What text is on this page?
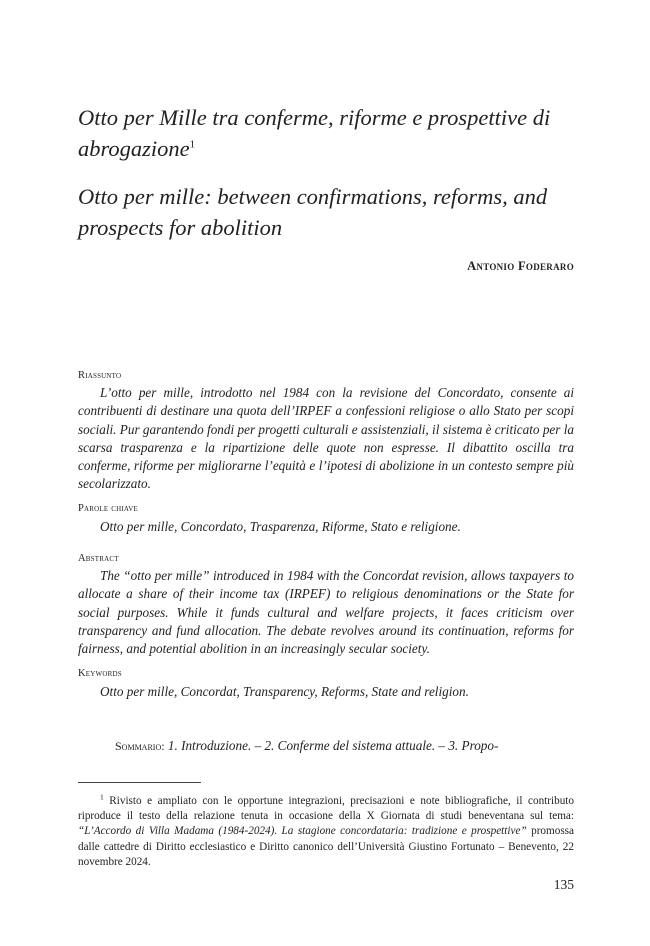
Otto per Mille tra conferme, riforme e prospettive di abrogazione$^1$
Otto per mille: between confirmations, reforms, and prospects for abolition
Antonio Foderaro

Riassunto

L’otto per mille, introdotto nel 1984 con la revisione del Concordato, consente ai contribuenti di destinare una quota dell’IRPEF a confessioni religiose o allo Stato per scopi sociali. Pur garantendo fondi per progetti culturali e assistenziali, il sistema è criticato per la scarsa trasparenza e la ripartizione delle quote non espresse. Il dibattito oscilla tra conferme, riforme per migliorarne l’equità e l’ipotesi di abolizione in un contesto sempre più secolarizzato.

Parole chiave

Otto per mille, Concordato, Trasparenza, Riforme, Stato e religione.

Abstract

The “otto per mille” introduced in 1984 with the Concordat revision, allows taxpayers to allocate a share of their income tax (IRPEF) to religious denominations or the State for social purposes. While it funds cultural and welfare projects, it faces criticism over transparency and fund allocation. The debate revolves around its continuation, reforms for fairness, and potential abolition in an increasingly secular society.

Keywords

Otto per mille, Concordat, Transparency, Reforms, State and religion.

Sommario: 1. Introduzione. – 2. Conferme del sistema attuale. – 3. Propo-

$^1$ Rivisto e ampliato con le opportune integrazioni, precisazioni e note bibliografiche, il contributo riproduce il testo della relazione tenuta in occasione della X Giornata di studi beneventana sul tema: “L’Accordo di Villa Madama (1984-2024). La stagione concordataria: tradizione e prospettive” promossa dalle cattedre di Diritto ecclesiastico e Diritto canonico dell’Università Giustino Fortunato – Benevento, 22 novembre 2024.

135
